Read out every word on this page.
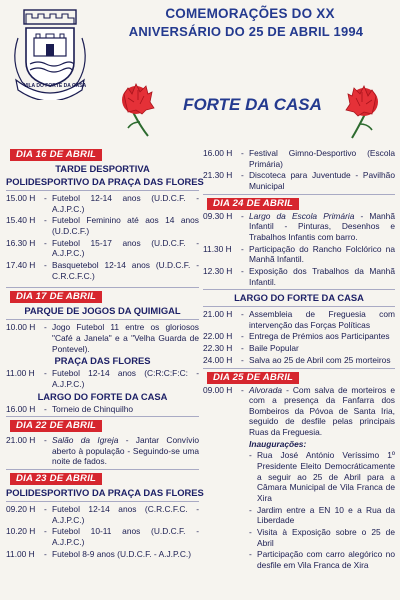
VILA DO FORTE DA CASA
COMEMORAÇÕES DO XX
ANIVERSÁRIO DO 25 DE ABRIL 1994
FORTE DA CASA
DIA 16 DE ABRIL
TARDE DESPORTIVA
POLIDESPORTIVO DA PRAÇA DAS FLORES
15.00 H	- Futebol 12-14 anos (U.D.C.F. - A.J.P.C.)
15.40 H	- Futebol Feminino até aos 14 anos (U.D.C.F.)
16.30 H	- Futebol 15-17 anos (U.D.C.F. - A.J.P.C.)
17.40 H	- Basquetebol 12-14 anos (U.D.C.F. - C.R.C.F.C.)
DIA 17 DE ABRIL
PARQUE DE JOGOS DA QUIMIGAL
10.00 H	- Jogo Futebol 11 entre os gloriosos "Café a Janela" e a "Velha Guarda de Pontevel).
PRAÇA DAS FLORES
11.00 H	- Futebol 12-14 anos (C:R:C:F:C: - A.J.P.C.)
LARGO DO FORTE DA CASA
16.00 H	- Torneio de Chinquilho
DIA 22 DE ABRIL
21.00 H	- Salão da Igreja - Jantar Convívio aberto à população - Seguindo-se uma noite de fados.
DIA 23 DE ABRIL
POLIDESPORTIVO DA PRAÇA DAS FLORES
09.20 H	- Futebol 12-14 anos (C.R.C.F.C. - A.J.P.C.)
10.20 H	- Futebol 10-11 anos (U.D.C.F. - A.J.P.C.)
11.00 H	- Futebol 8-9 anos (U.D.C.F. - A.J.P.C.)
16.00 H	- Festival Gimno-Desportivo (Escola Primária)
21.30 H	- Discoteca para Juventude - Pavilhão Municipal
DIA 24 DE ABRIL
09.30 H	- Largo da Escola Primária - Manhã Infantil - Pinturas, Desenhos e Trabalhos Infantis com barro.
11.30 H	- Participação do Rancho Folclórico na Manhã Infantil.
12.30 H	- Exposição dos Trabalhos da Manhã Infantil.
LARGO DO FORTE DA CASA
21.00 H	- Assembleia de Freguesia com intervenção das Forças Políticas
22.00 H	- Entrega de Prémios aos Participantes
22.30 H	- Baile Popular
24.00 H	- Salva ao 25 de Abril com 25 morteiros
DIA 25 DE ABRIL
09.00 H	- Alvorada - Com salva de morteiros e com a presença da Fanfarra dos Bombeiros da Póvoa de Santa Iria, seguido de desfile pelas principais Ruas da Freguesia.
Inaugurações:
- Rua José António Veríssimo 1º Presidente Eleito Democráticamente a seguir ao 25 de Abril para a Câmara Municipal de Vila Franca de Xira
- Jardim entre a EN 10 e a Rua da Liberdade
- Visita à Exposição sobre o 25 de Abril
- Participação com carro alegórico no desfile em Vila Franca de Xira
